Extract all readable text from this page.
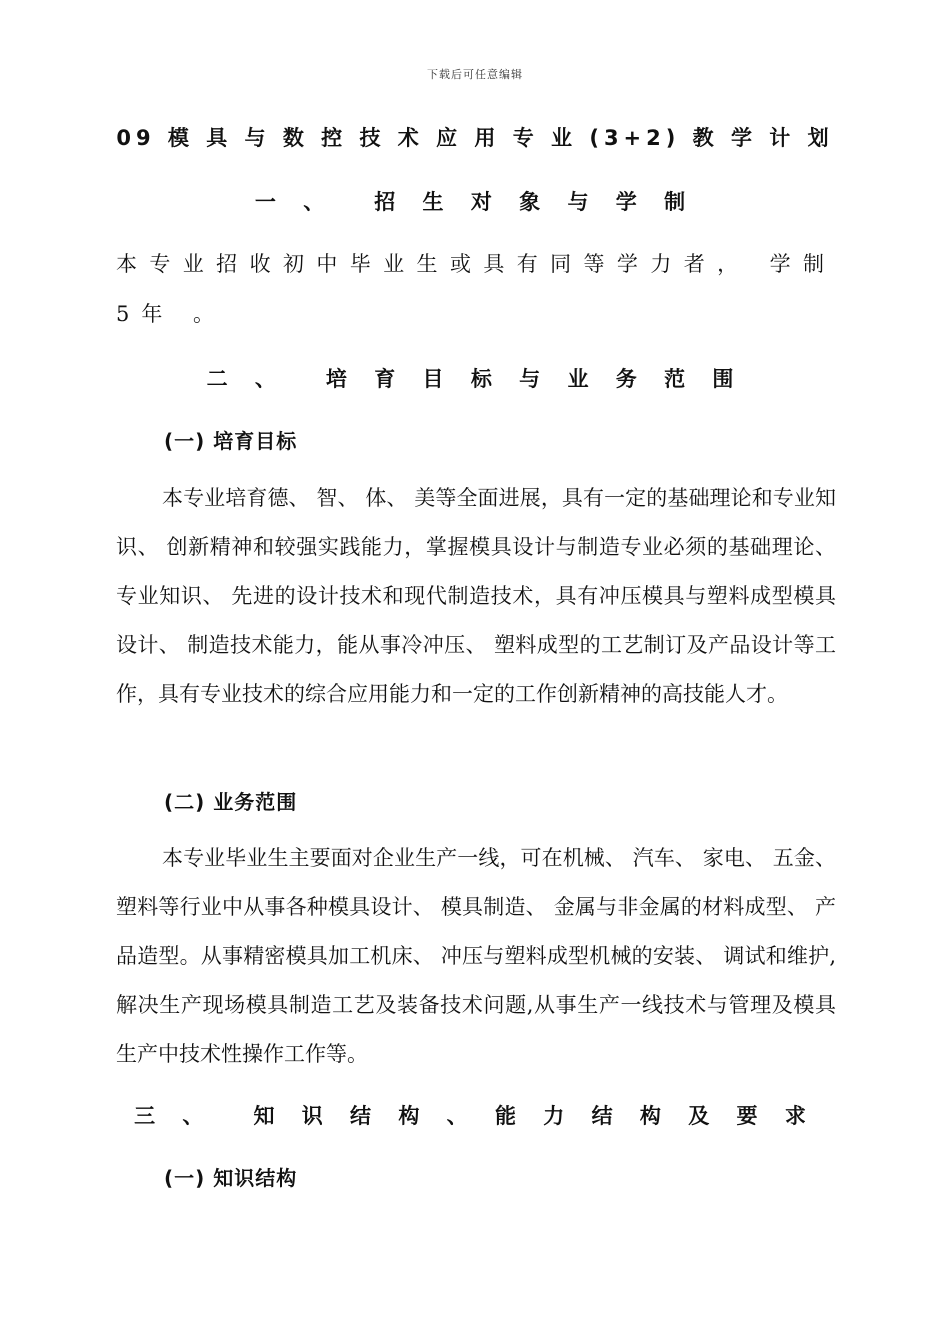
下载后可任意编辑
09 模 具 与 数 控 技 术 应 用 专 业 (3+2) 教 学 计 划
一 、 招 生 对 象 与 学 制
本专业招收初中毕业生或具有同等学力者， 学制5年 。
二 、 培 育 目 标 与 业 务 范 围
(一) 培育目标
本专业培育德、 智、 体、 美等全面进展，具有一定的基础理论和专业知识、 创新精神和较强实践能力，掌握模具设计与制造专业必须的基础理论、 专业知识、 先进的设计技术和现代制造技术，具有冲压模具与塑料成型模具设计、 制造技术能力，能从事冷冲压、 塑料成型的工艺制订及产品设计等工作，具有专业技术的综合应用能力和一定的工作创新精神的高技能人才。
(二) 业务范围
本专业毕业生主要面对企业生产一线，可在机械、 汽车、 家电、 五金、 塑料等行业中从事各种模具设计、 模具制造、 金属与非金属的材料成型、 产品造型。从事精密模具加工机床、 冲压与塑料成型机械的安装、 调试和维护,解决生产现场模具制造工艺及装备技术问题,从事生产一线技术与管理及模具生产中技术性操作工作等。
三 、 知 识 结 构 、 能 力 结 构 及 要 求
(一) 知识结构
